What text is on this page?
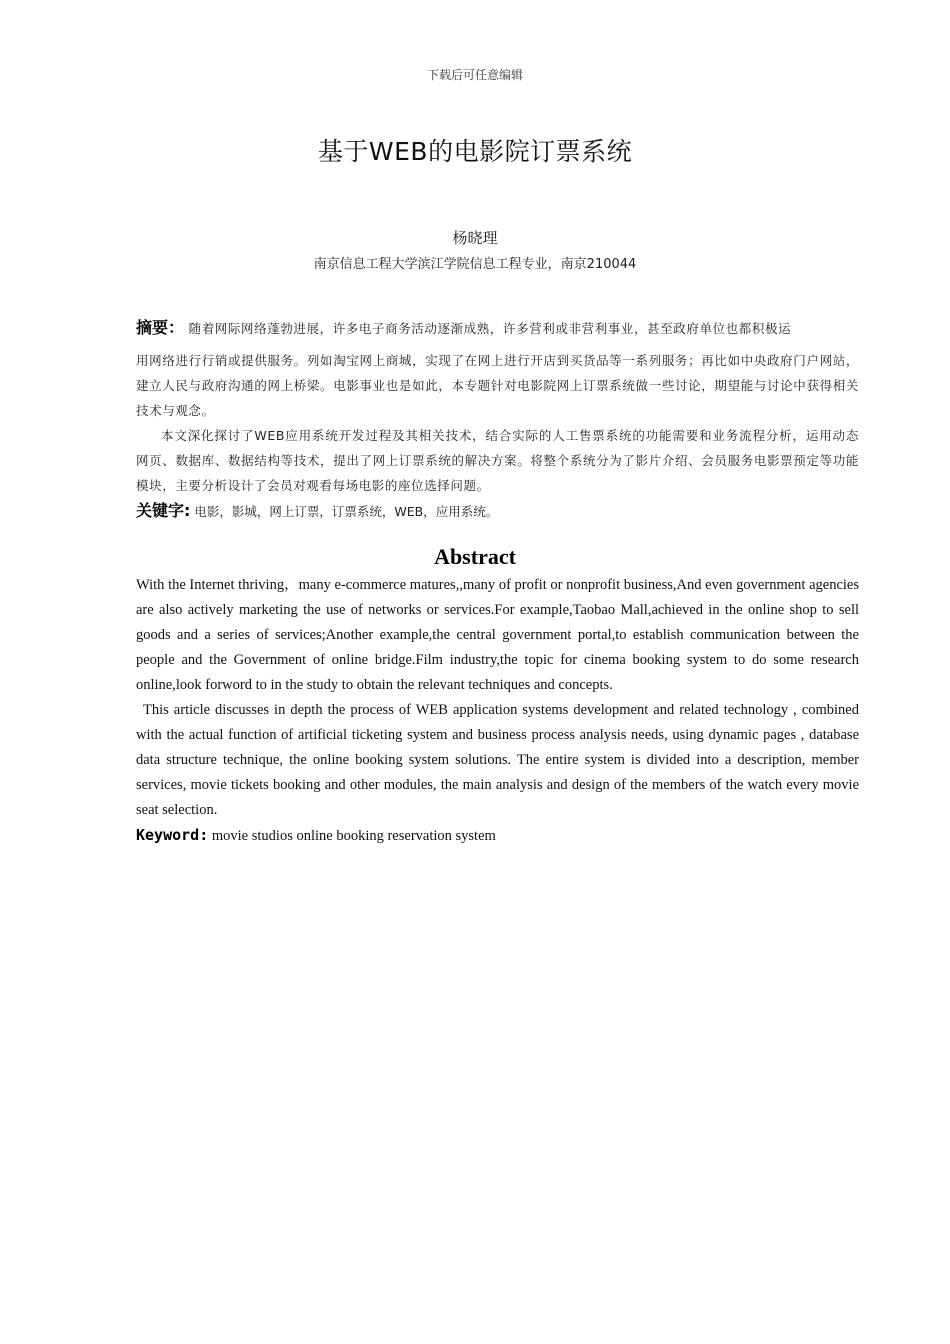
下载后可任意编辑
基于WEB的电影院订票系统
杨晓理
南京信息工程大学滨江学院信息工程专业，南京210044

摘要： 随着网际网络蓬勃进展，许多电子商务活动逐渐成熟，许多营利或非营利事业，甚至政府单位也都积极运

用网络进行行销或提供服务。列如淘宝网上商城，实现了在网上进行开店到买货品等一系列服务；再比如中央政府门户网站，建立人民与政府沟通的网上桥梁。电影事业也是如此，本专题针对电影院网上订票系统做一些讨论，期望能与讨论中获得相关技术与观念。

本文深化探讨了WEB应用系统开发过程及其相关技术，结合实际的人工售票系统的功能需要和业务流程分析，运用动态网页、数据库、数据结构等技术，提出了网上订票系统的解决方案。将整个系统分为了影片介绍、会员服务电影票预定等功能模块，主要分析设计了会员对观看每场电影的座位选择问题。

关键字: 电影，影城，网上订票，订票系统，WEB，应用系统。
Abstract

With the Internet thriving，many e-commerce matures,,many of profit or nonprofit business,And even government agencies are also actively marketing the use of networks or services.For example,Taobao Mall,achieved in the online shop to sell goods and a series of services;Another example,the central government portal,to establish communication between the people and the Government of online bridge.Film industry,the topic for cinema booking system to do some research online,look forword to in the study to obtain the relevant techniques and concepts.

This article discusses in depth the process of WEB application systems development and related technology , combined with the actual function of artificial ticketing system and business process analysis needs, using dynamic pages , database data structure technique, the online booking system solutions. The entire system is divided into a description, member services, movie tickets booking and other modules, the main analysis and design of the members of the watch every movie seat selection.

Keyword: movie studios online booking reservation system
